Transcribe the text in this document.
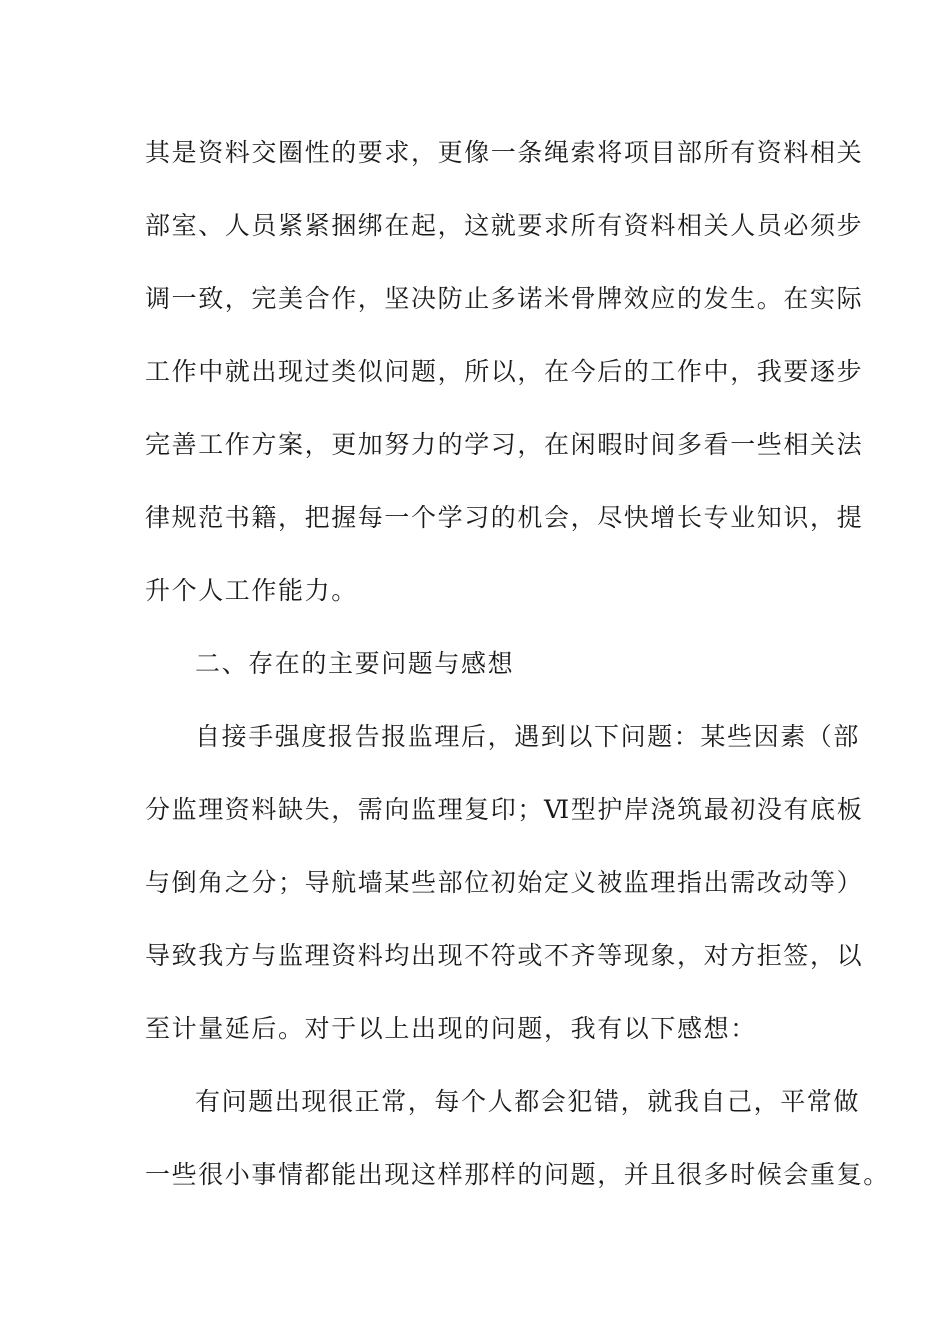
其是资料交圈性的要求，更像一条绳索将项目部所有资料相关
部室、人员紧紧捆绑在起，这就要求所有资料相关人员必须步
调一致，完美合作，坚决防止多诺米骨牌效应的发生。在实际
工作中就出现过类似问题，所以，在今后的工作中，我要逐步
完善工作方案，更加努力的学习，在闲暇时间多看一些相关法
律规范书籍，把握每一个学习的机会，尽快增长专业知识，提
升个人工作能力。
二、存在的主要问题与感想
自接手强度报告报监理后，遇到以下问题：某些因素（部
分监理资料缺失，需向监理复印；Ⅵ型护岸浇筑最初没有底板
与倒角之分；导航墙某些部位初始定义被监理指出需改动等）
导致我方与监理资料均出现不符或不齐等现象，对方拒签，以
至计量延后。对于以上出现的问题，我有以下感想：
有问题出现很正常，每个人都会犯错，就我自己，平常做
一些很小事情都能出现这样那样的问题，并且很多时候会重复。
